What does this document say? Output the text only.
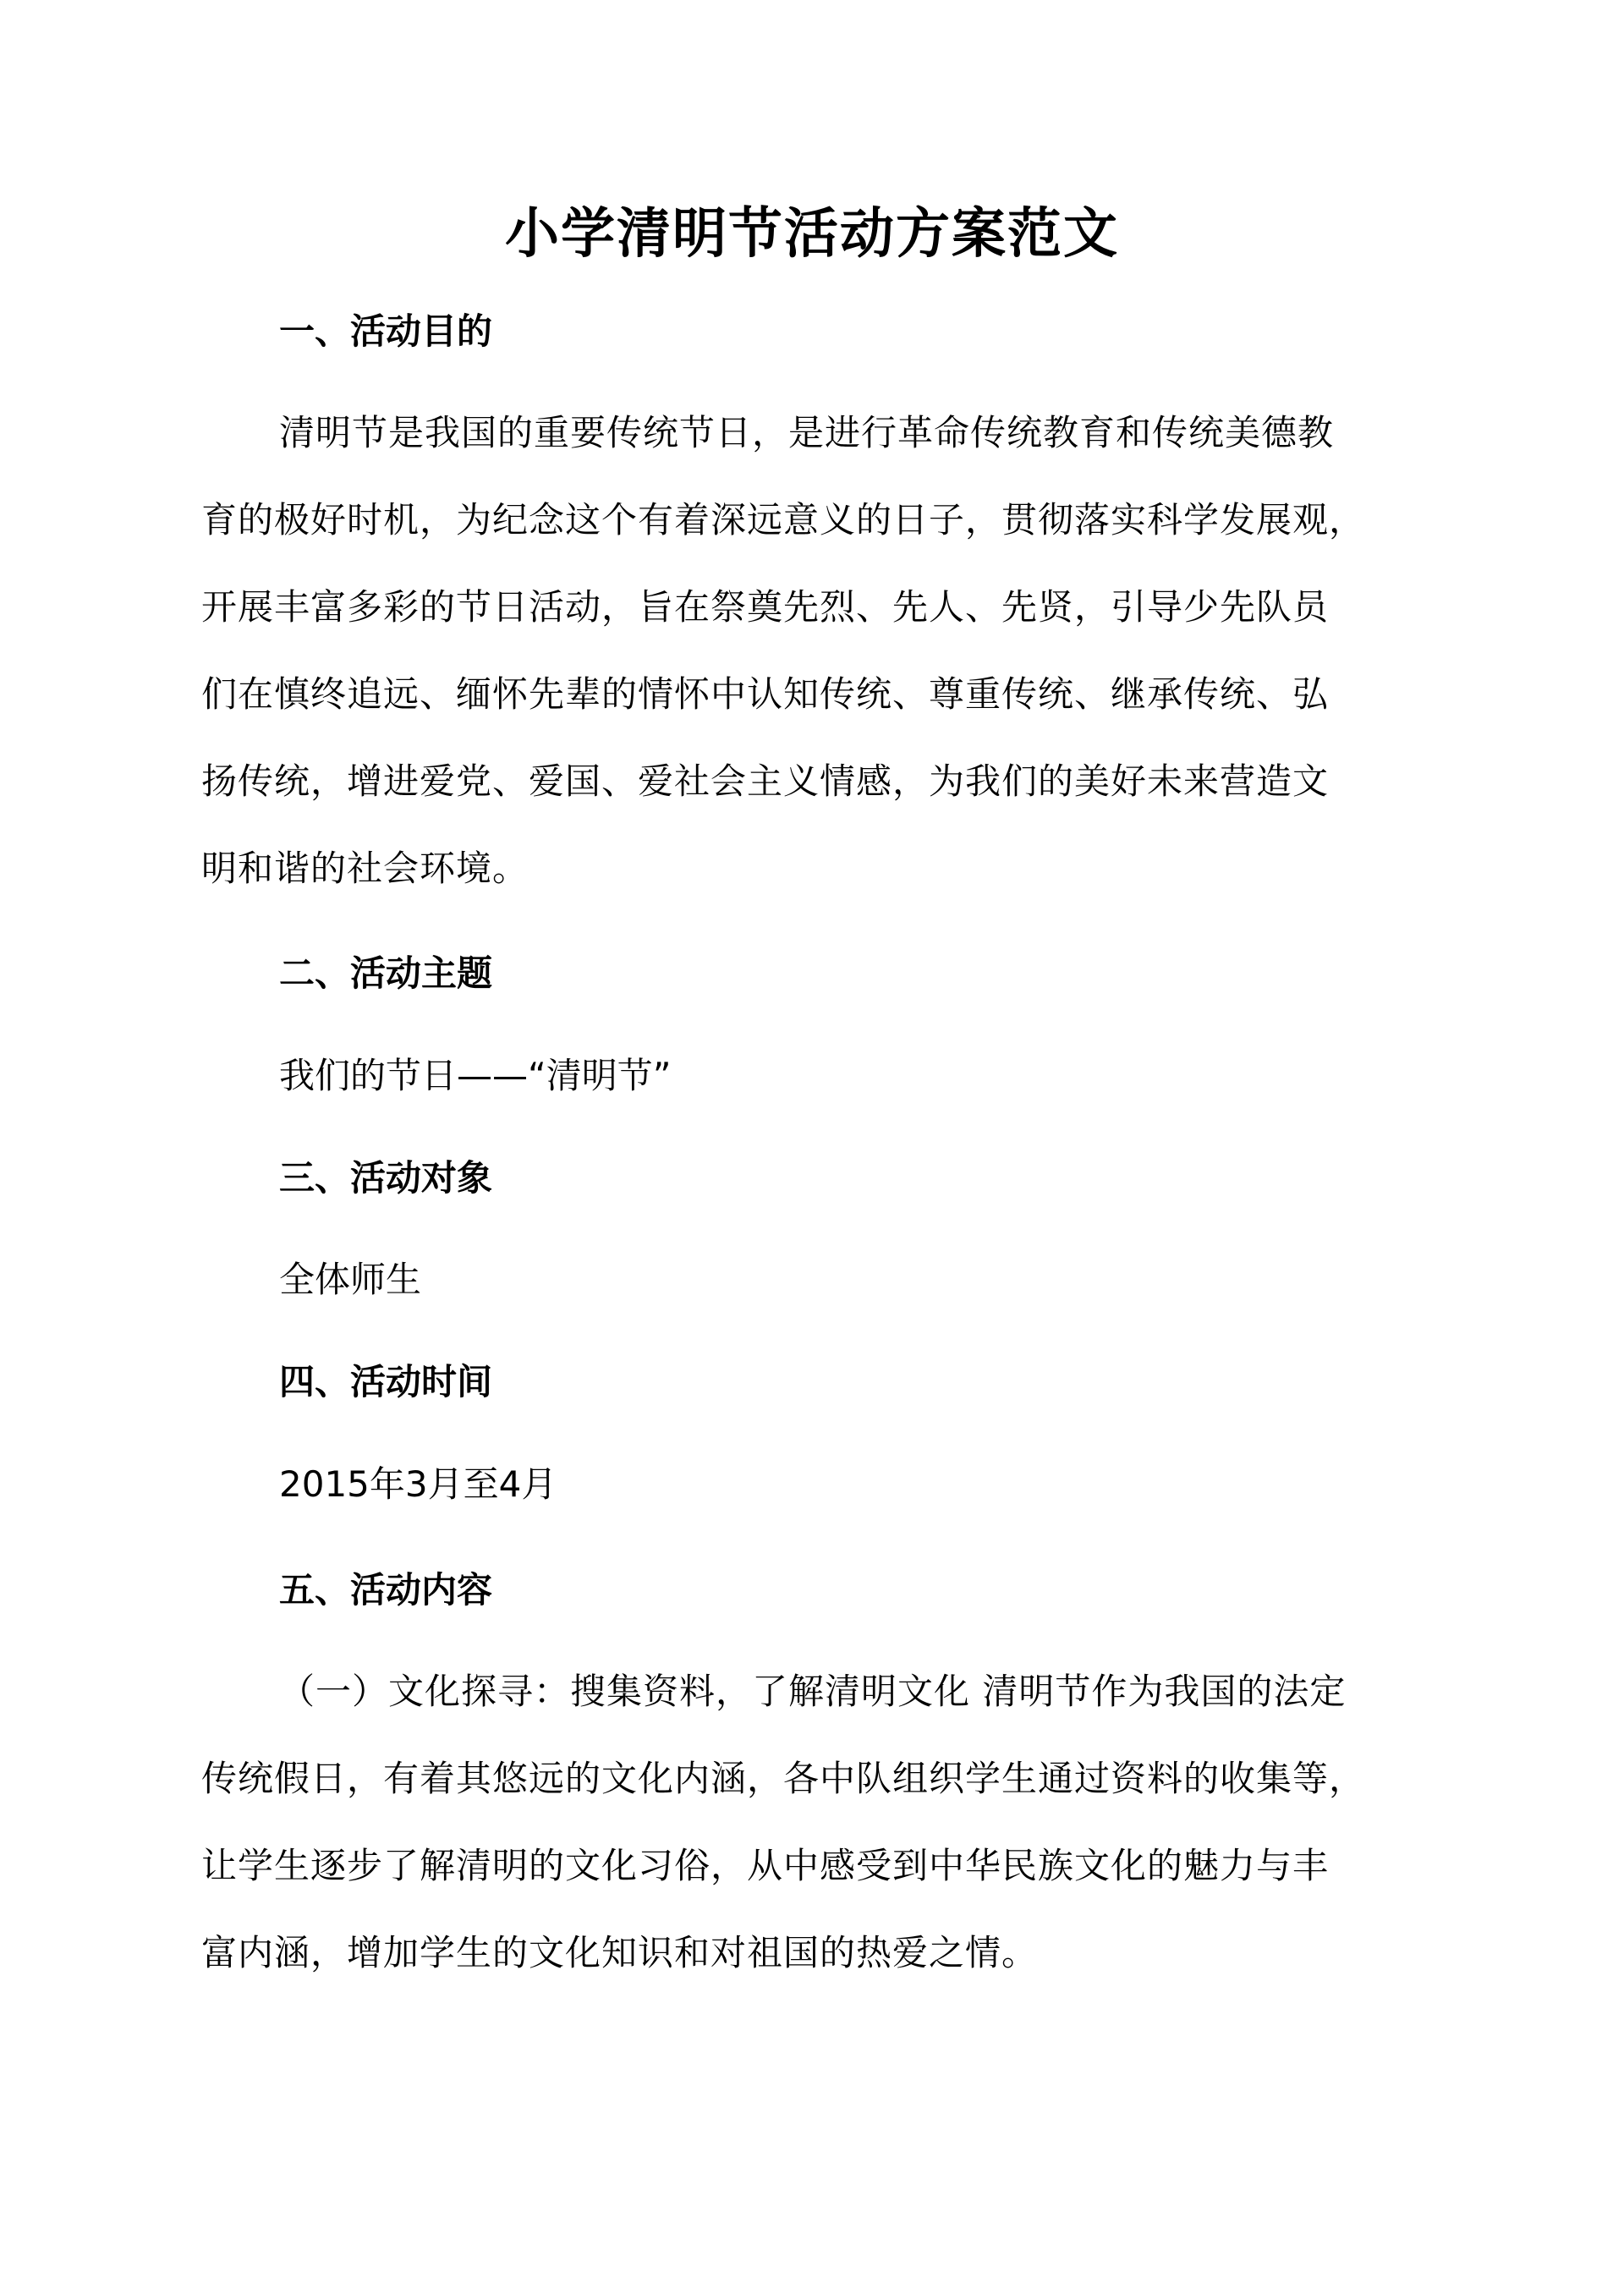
小学清明节活动方案范文
一、活动目的
清明节是我国的重要传统节日，是进行革命传统教育和传统美德教
育的极好时机，为纪念这个有着深远意义的日子，贯彻落实科学发展观，
开展丰富多彩的节日活动，旨在祭奠先烈、先人、先贤，引导少先队员
们在慎终追远、缅怀先辈的情怀中认知传统、尊重传统、继承传统、弘
扬传统，增进爱党、爱国、爱社会主义情感，为我们的美好未来营造文
明和谐的社会环境。
二、活动主题
我们的节日——“清明节”
三、活动对象
全体师生
四、活动时间
2015年3月至4月
五、活动内容
（一）文化探寻：搜集资料，了解清明文化 清明节作为我国的法定
传统假日，有着其悠远的文化内涵，各中队组织学生通过资料的收集等，
让学生逐步了解清明的文化习俗，从中感受到中华民族文化的魅力与丰
富内涵，增加学生的文化知识和对祖国的热爱之情。
